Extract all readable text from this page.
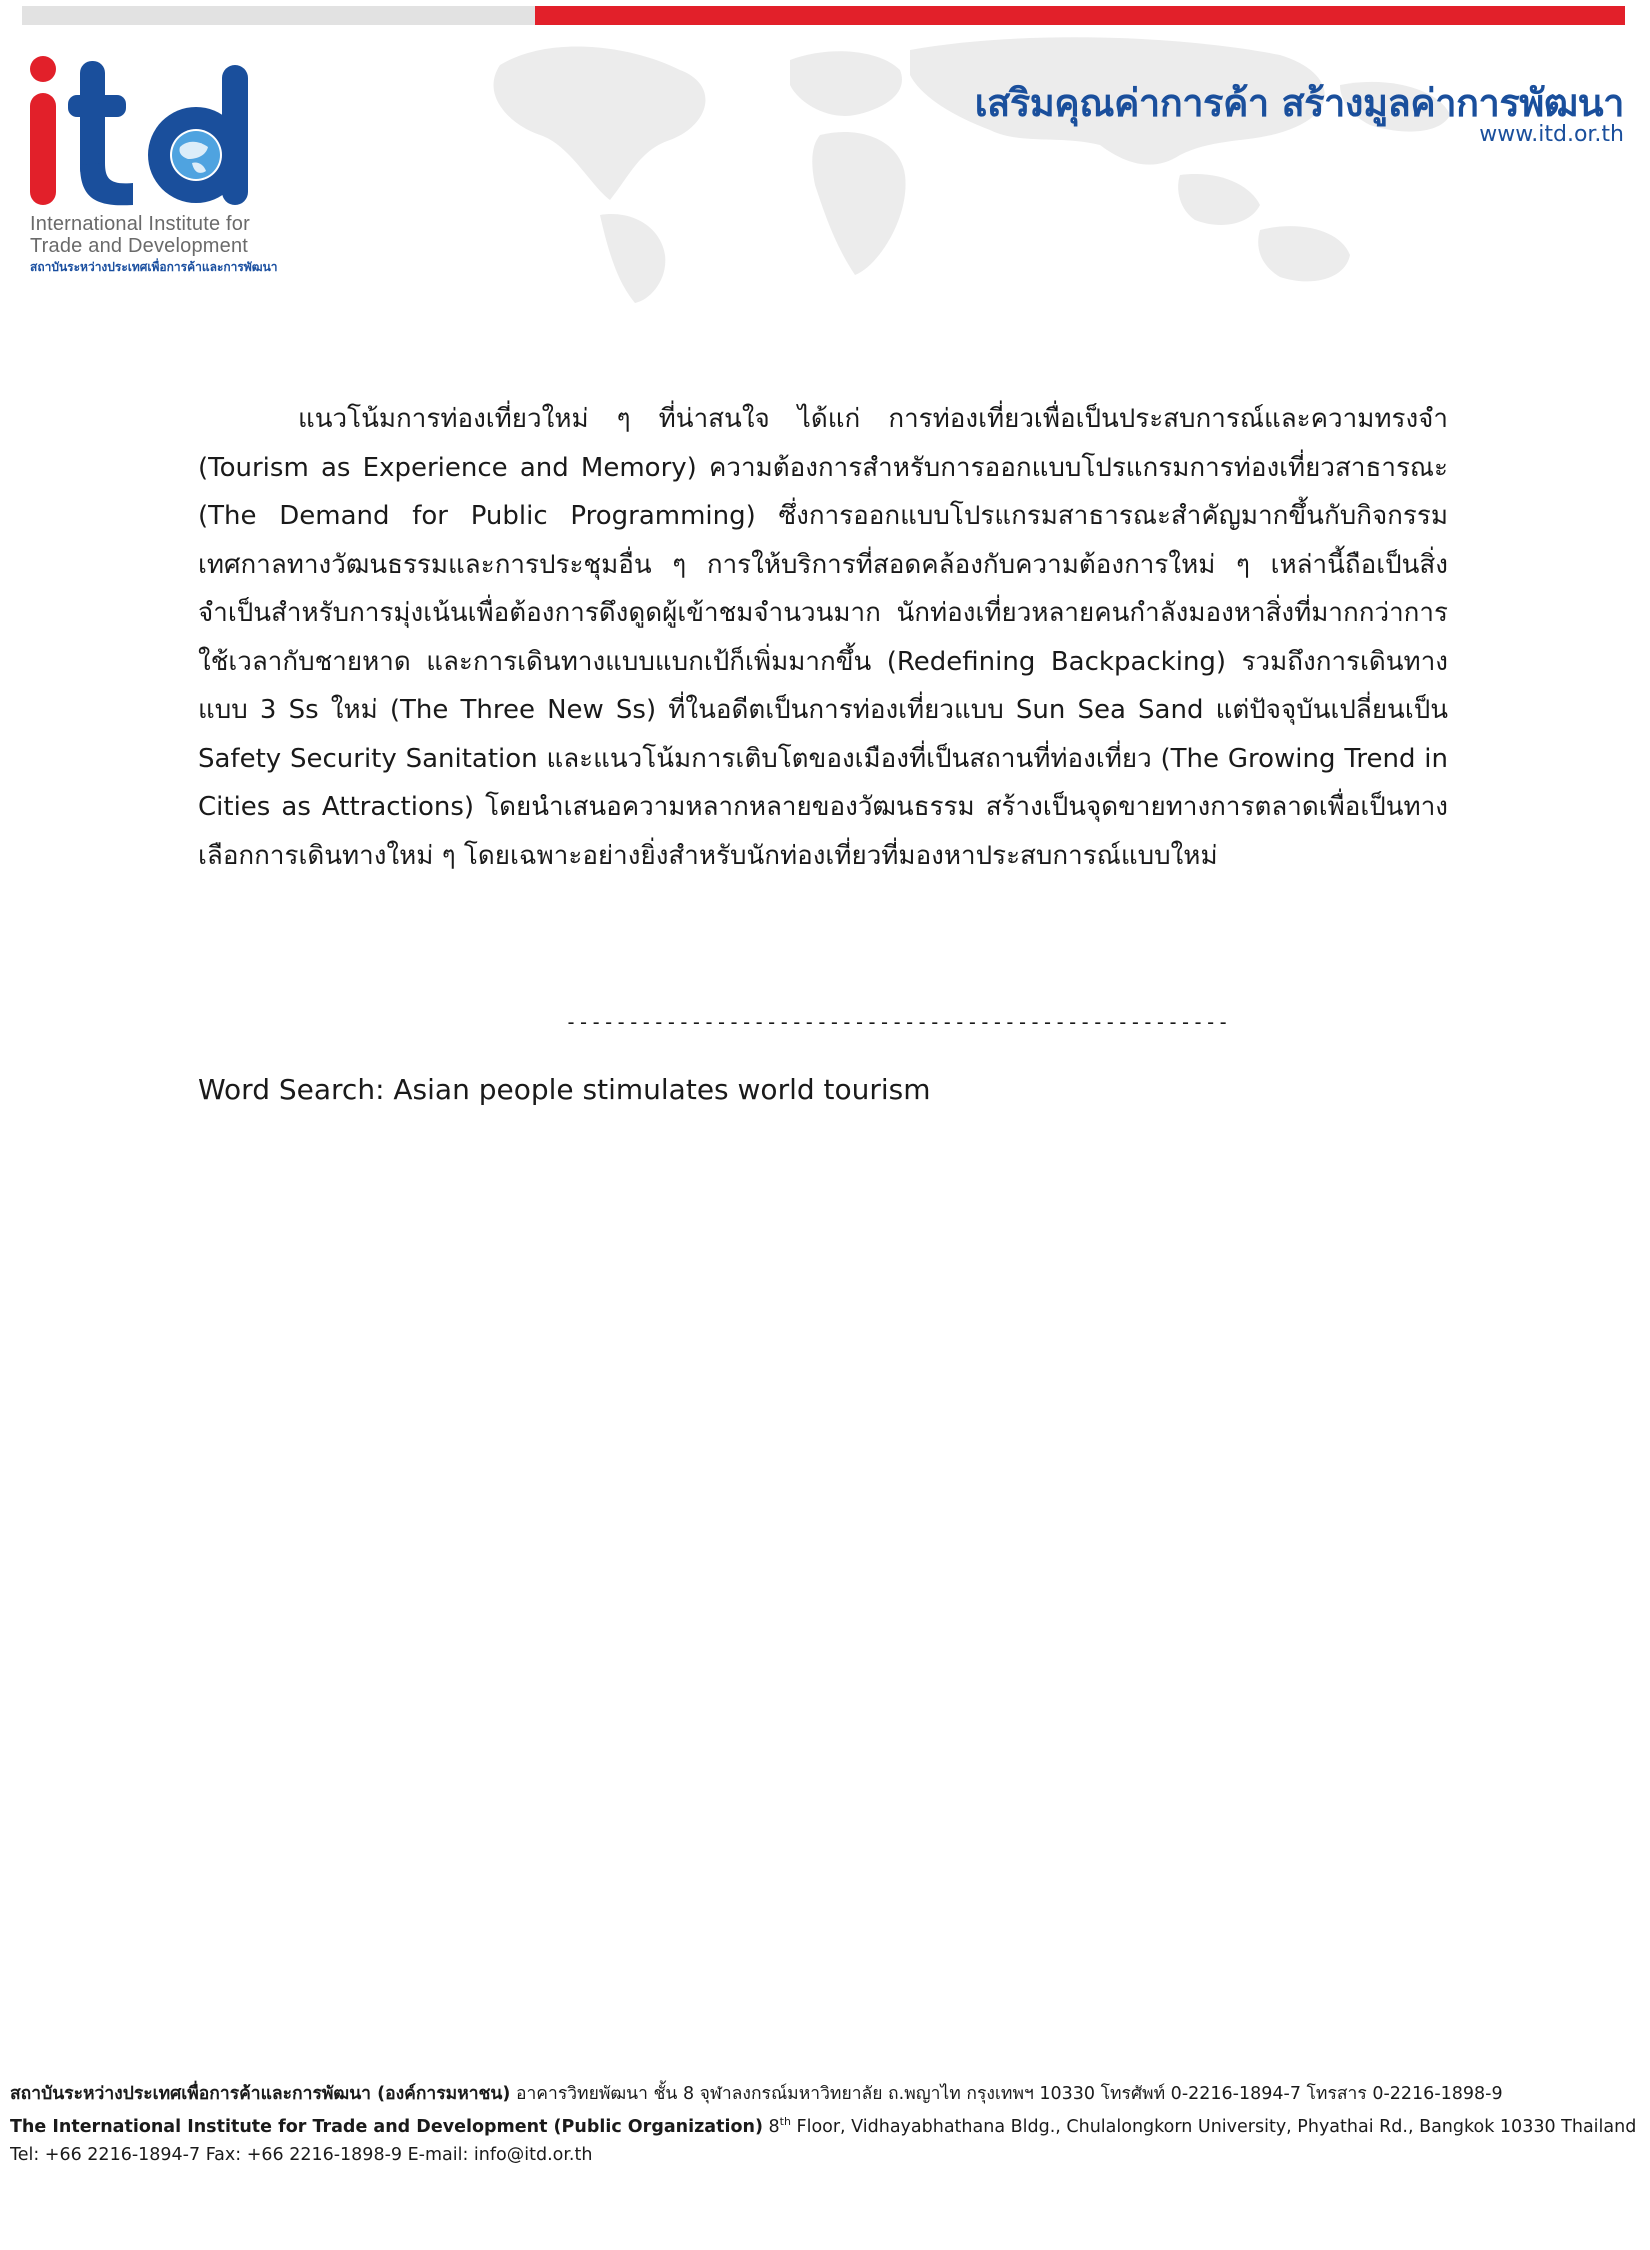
International Institute for
Trade and Development
สถาบันระหว่างประเทศเพื่อการค้าและการพัฒนา
เสริมคุณค่าการค้า สร้างมูลค่าการพัฒนา
www.itd.or.th

แนวโน้มการท่องเที่ยวใหม่ ๆ ที่น่าสนใจ ได้แก่ การท่องเที่ยวเพื่อเป็นประสบการณ์และความทรงจำ (Tourism as Experience and Memory) ความต้องการสำหรับการออกแบบโปรแกรมการท่องเที่ยวสาธารณะ (The Demand for Public Programming) ซึ่งการออกแบบโปรแกรมสาธารณะสำคัญมากขึ้นกับกิจกรรมเทศกาลทางวัฒนธรรมและการประชุมอื่น ๆ การให้บริการที่สอดคล้องกับความต้องการใหม่ ๆ เหล่านี้ถือเป็นสิ่งจำเป็นสำหรับการมุ่งเน้นเพื่อต้องการดึงดูดผู้เข้าชมจำนวนมาก นักท่องเที่ยวหลายคนกำลังมองหาสิ่งที่มากกว่าการใช้เวลากับชายหาด และการเดินทางแบบแบกเป้ก็เพิ่มมากขึ้น (Redefining Backpacking) รวมถึงการเดินทางแบบ 3 Ss ใหม่ (The Three New Ss) ที่ในอดีตเป็นการท่องเที่ยวแบบ Sun Sea Sand แต่ปัจจุบันเปลี่ยนเป็น Safety Security Sanitation และแนวโน้มการเติบโตของเมืองที่เป็นสถานที่ท่องเที่ยว (The Growing Trend in Cities as Attractions) โดยนำเสนอความหลากหลายของวัฒนธรรม สร้างเป็นจุดขายทางการตลาดเพื่อเป็นทางเลือกการเดินทางใหม่ ๆ โดยเฉพาะอย่างยิ่งสำหรับนักท่องเที่ยวที่มองหาประสบการณ์แบบใหม่

-----------------------------------------------------
Word Search: Asian people stimulates world tourism
สถาบันระหว่างประเทศเพื่อการค้าและการพัฒนา (องค์การมหาชน) อาคารวิทยพัฒนา ชั้น 8 จุฬาลงกรณ์มหาวิทยาลัย ถ.พญาไท กรุงเทพฯ 10330 โทรศัพท์ 0-2216-1894-7 โทรสาร 0-2216-1898-9
The International Institute for Trade and Development (Public Organization) 8th Floor, Vidhayabhathana Bldg., Chulalongkorn University, Phyathai Rd., Bangkok 10330 Thailand
Tel: +66 2216-1894-7 Fax: +66 2216-1898-9 E-mail: info@itd.or.th
